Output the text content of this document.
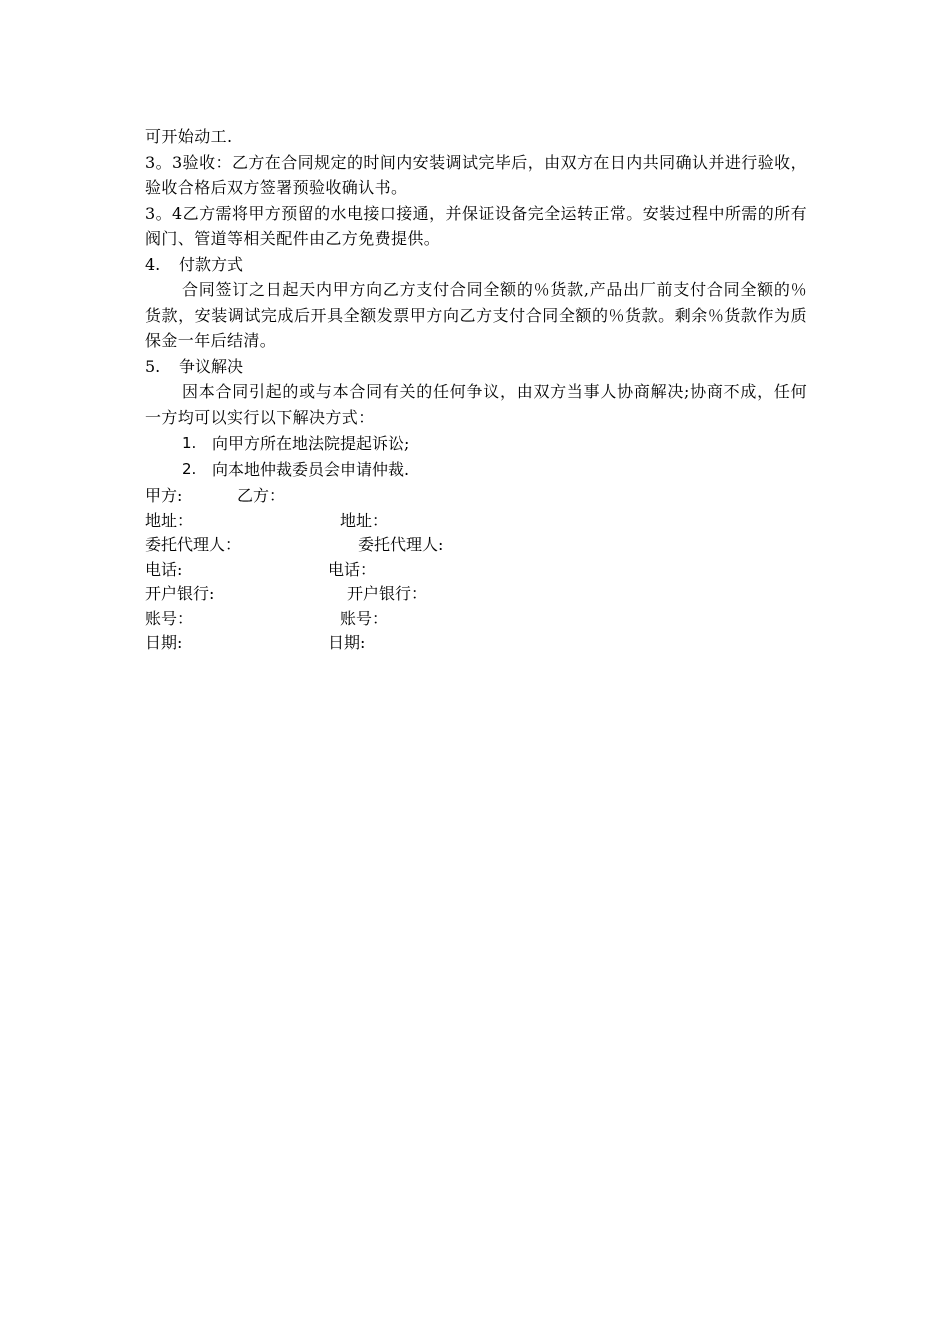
可开始动工.

3。3验收：乙方在合同规定的时间内安装调试完毕后，由双方在日内共同确认并进行验收，验收合格后双方签署预验收确认书。

3。4乙方需将甲方预留的水电接口接通，并保证设备完全运转正常。安装过程中所需的所有阀门、管道等相关配件由乙方免费提供。

4.	付款方式

合同签订之日起天内甲方向乙方支付合同全额的％货款,产品出厂前支付合同全额的％货款，安装调试完成后开具全额发票甲方向乙方支付合同全额的％货款。剩余％货款作为质保金一年后结清。

5.	争议解决

因本合同引起的或与本合同有关的任何争议，由双方当事人协商解决;协商不成，任何一方均可以实行以下解决方式：

1. 向甲方所在地法院提起诉讼;
2. 向本地仲裁委员会申请仲裁.
甲方:	乙方：
地址：	地址：
委托代理人：	委托代理人:
电话:	电话：
开户银行:	开户银行：
账号：	账号：
日期:	日期:
